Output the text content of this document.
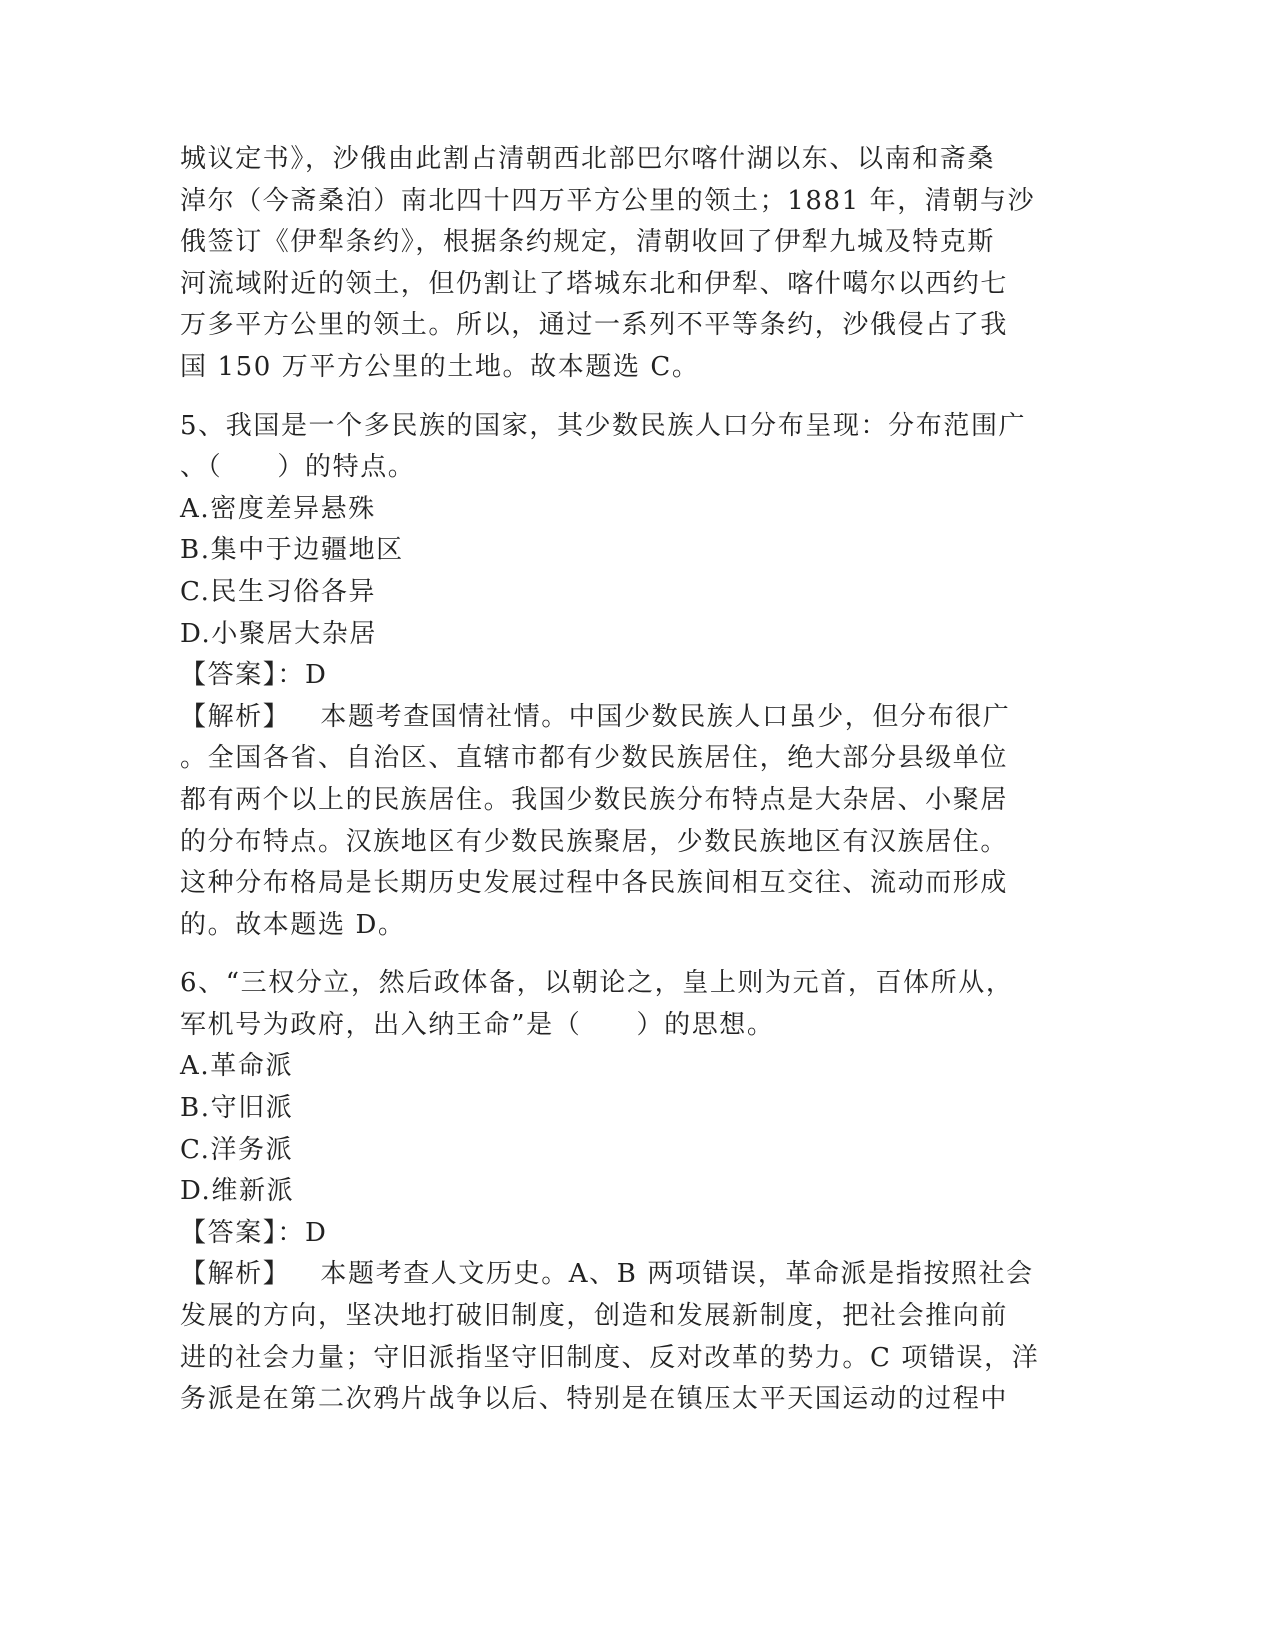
城议定书》，沙俄由此割占清朝西北部巴尔喀什湖以东、以南和斋桑
淖尔（今斋桑泊）南北四十四万平方公里的领土；1881 年，清朝与沙
俄签订《伊犁条约》，根据条约规定，清朝收回了伊犁九城及特克斯
河流域附近的领土，但仍割让了塔城东北和伊犁、喀什噶尔以西约七
万多平方公里的领土。所以，通过一系列不平等条约，沙俄侵占了我
国 150 万平方公里的土地。故本题选 C。
5、我国是一个多民族的国家，其少数民族人口分布呈现：分布范围广
、（　　）的特点。
A.密度差异悬殊
B.集中于边疆地区
C.民生习俗各异
D.小聚居大杂居
【答案】：D
【解析】 本题考查国情社情。中国少数民族人口虽少，但分布很广
。全国各省、自治区、直辖市都有少数民族居住，绝大部分县级单位
都有两个以上的民族居住。我国少数民族分布特点是大杂居、小聚居
的分布特点。汉族地区有少数民族聚居，少数民族地区有汉族居住。
这种分布格局是长期历史发展过程中各民族间相互交往、流动而形成
的。故本题选 D。
6、“三权分立，然后政体备，以朝论之，皇上则为元首，百体所从，
军机号为政府，出入纳王命”是（　　）的思想。
A.革命派
B.守旧派
C.洋务派
D.维新派
【答案】：D
【解析】 本题考查人文历史。A、B 两项错误，革命派是指按照社会
发展的方向，坚决地打破旧制度，创造和发展新制度，把社会推向前
进的社会力量；守旧派指坚守旧制度、反对改革的势力。C 项错误，洋
务派是在第二次鸦片战争以后、特别是在镇压太平天国运动的过程中
